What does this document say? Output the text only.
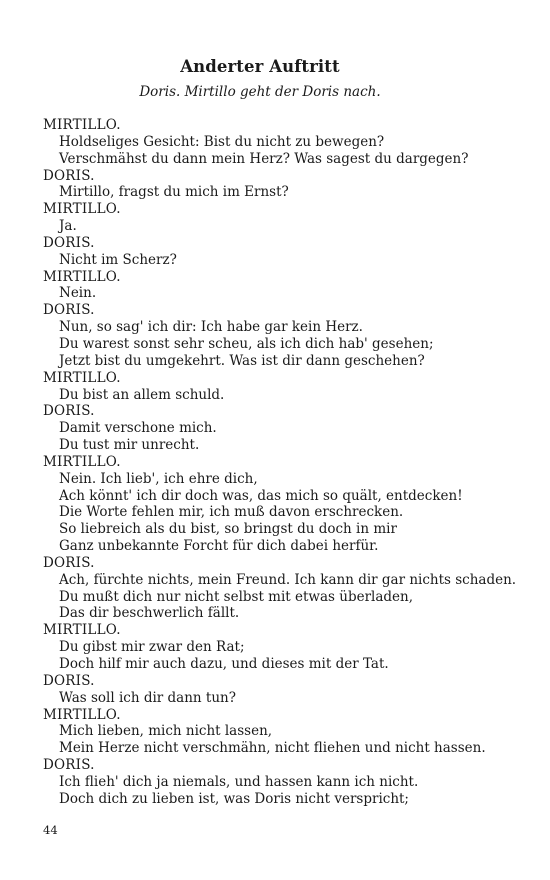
Anderter Auftritt
Doris. Mirtillo geht der Doris nach.
MIRTILLO.
Holdseliges Gesicht: Bist du nicht zu bewegen?
Verschmähst du dann mein Herz? Was sagest du dargegen?
DORIS.
Mirtillo, fragst du mich im Ernst?
MIRTILLO.
Ja.
DORIS.
Nicht im Scherz?
MIRTILLO.
Nein.
DORIS.
Nun, so sag' ich dir: Ich habe gar kein Herz.
Du warest sonst sehr scheu, als ich dich hab' gesehen;
Jetzt bist du umgekehrt. Was ist dir dann geschehen?
MIRTILLO.
Du bist an allem schuld.
DORIS.
Damit verschone mich.
Du tust mir unrecht.
MIRTILLO.
Nein. Ich lieb', ich ehre dich,
Ach könnt' ich dir doch was, das mich so quält, entdecken!
Die Worte fehlen mir, ich muß davon erschrecken.
So liebreich als du bist, so bringst du doch in mir
Ganz unbekannte Forcht für dich dabei herfür.
DORIS.
Ach, fürchte nichts, mein Freund. Ich kann dir gar nichts schaden.
Du mußt dich nur nicht selbst mit etwas überladen,
Das dir beschwerlich fällt.
MIRTILLO.
Du gibst mir zwar den Rat;
Doch hilf mir auch dazu, und dieses mit der Tat.
DORIS.
Was soll ich dir dann tun?
MIRTILLO.
Mich lieben, mich nicht lassen,
Mein Herze nicht verschmähn, nicht fliehen und nicht hassen.
DORIS.
Ich flieh' dich ja niemals, und hassen kann ich nicht.
Doch dich zu lieben ist, was Doris nicht verspricht;
44
